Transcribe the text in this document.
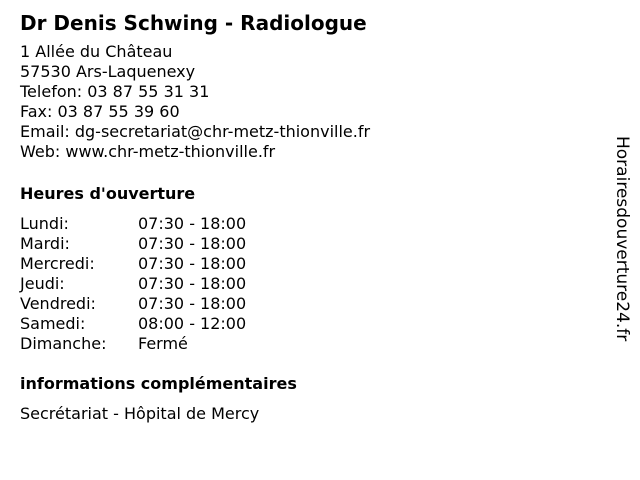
Dr Denis Schwing - Radiologue
1 Allée du Château
57530 Ars-Laquenexy
Telefon: 03 87 55 31 31
Fax: 03 87 55 39 60
Email: dg-secretariat@chr-metz-thionville.fr
Web: www.chr-metz-thionville.fr
Heures d'ouverture
Lundi:	07:30 - 18:00
Mardi:	07:30 - 18:00
Mercredi:	07:30 - 18:00
Jeudi:	07:30 - 18:00
Vendredi:	07:30 - 18:00
Samedi:	08:00 - 12:00
Dimanche: Fermé
informations complémentaires
Secrétariat - Hôpital de Mercy
Horairesdouverture24.fr
